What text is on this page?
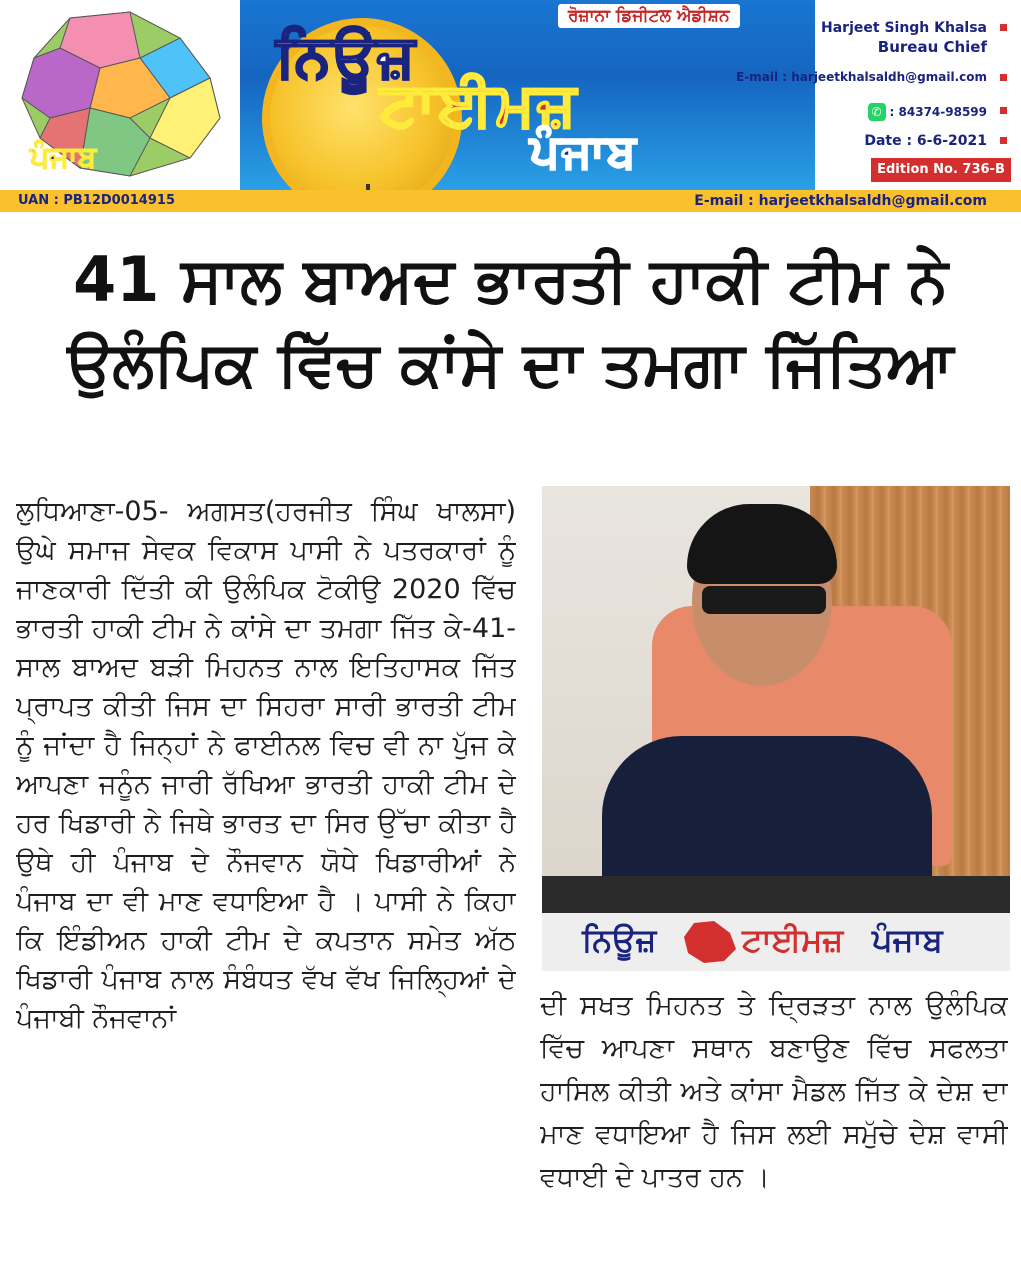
ਪੰਜਾਬ
ਰੋਜ਼ਾਨਾ ਡਿਜੀਟਲ ਐਡੀਸ਼ਨ
ਨਿਊਜ਼
ਟਾਈਮਜ਼
ਪੰਜਾਬ
Harjeet Singh Khalsa
Bureau Chief
E-mail : harjeetkhalsaldh@gmail.com
✆ : 84374-98599
Date : 6-6-2021
Edition No. 736-B
UAN : PB12D0014915	E-mail : harjeetkhalsaldh@gmail.com
41 ਸਾਲ ਬਾਅਦ ਭਾਰਤੀ ਹਾਕੀ ਟੀਮ ਨੇ
ਉਲੰਪਿਕ ਵਿੱਚ ਕਾਂਸੇ ਦਾ ਤਮਗਾ ਜਿੱਤਿਆ
ਲੁਧਿਆਣਾ-05- ਅਗਸਤ(ਹਰਜੀਤ ਸਿੰਘ ਖਾਲਸਾ) ਉਘੇ ਸਮਾਜ ਸੇਵਕ ਵਿਕਾਸ ਪਾਸੀ ਨੇ ਪਤਰਕਾਰਾਂ ਨੂੰ ਜਾਣਕਾਰੀ ਦਿੱਤੀ ਕੀ ਉਲੰਪਿਕ ਟੋਕੀਉ 2020 ਵਿੱਚ ਭਾਰਤੀ ਹਾਕੀ ਟੀਮ ਨੇ ਕਾਂਸੇ ਦਾ ਤਮਗਾ ਜਿੱਤ ਕੇ-41-ਸਾਲ ਬਾਅਦ ਬੜੀ ਮਿਹਨਤ ਨਾਲ ਇਤਿਹਾਸਕ ਜਿੱਤ ਪ੍ਰਾਪਤ ਕੀਤੀ ਜਿਸ ਦਾ ਸਿਹਰਾ ਸਾਰੀ ਭਾਰਤੀ ਟੀਮ ਨੂੰ ਜਾਂਦਾ ਹੈ ਜਿਨ੍ਹਾਂ ਨੇ ਫਾਈਨਲ ਵਿਚ ਵੀ ਨਾ ਪੁੱਜ ਕੇ ਆਪਣਾ ਜਨੂੰਨ ਜਾਰੀ ਰੱਖਿਆ ਭਾਰਤੀ ਹਾਕੀ ਟੀਮ ਦੇ ਹਰ ਖਿਡਾਰੀ ਨੇ ਜਿਥੇ ਭਾਰਤ ਦਾ ਸਿਰ ਉੱਚਾ ਕੀਤਾ ਹੈ ਉਥੇ ਹੀ ਪੰਜਾਬ ਦੇ ਨੌਜਵਾਨ ਯੋਧੇ ਖਿਡਾਰੀਆਂ ਨੇ ਪੰਜਾਬ ਦਾ ਵੀ ਮਾਣ ਵਧਾਇਆ ਹੈ । ਪਾਸੀ ਨੇ ਕਿਹਾ ਕਿ ਇੰਡੀਅਨ ਹਾਕੀ ਟੀਮ ਦੇ ਕਪਤਾਨ ਸਮੇਤ ਅੱਠ ਖਿਡਾਰੀ ਪੰਜਾਬ ਨਾਲ ਸੰਬੰਧਤ ਵੱਖ ਵੱਖ ਜਿਲ੍ਹਿਆਂ ਦੇ ਪੰਜਾਬੀ ਨੌਜਵਾਨਾਂ
ਨਿਊਜ਼	ਟਾਈਮਜ਼ ਪੰਜਾਬ
ਦੀ ਸਖਤ ਮਿਹਨਤ ਤੇ ਦ੍ਰਿੜਤਾ ਨਾਲ ਉਲੰਪਿਕ ਵਿੱਚ ਆਪਣਾ ਸਥਾਨ ਬਣਾਉਣ ਵਿੱਚ ਸਫਲਤਾ ਹਾਸਿਲ ਕੀਤੀ ਅਤੇ ਕਾਂਸਾ ਮੈਡਲ ਜਿੱਤ ਕੇ ਦੇਸ਼ ਦਾ ਮਾਣ ਵਧਾਇਆ ਹੈ ਜਿਸ ਲਈ ਸਮੁੱਚੇ ਦੇਸ਼ ਵਾਸੀ ਵਧਾਈ ਦੇ ਪਾਤਰ ਹਨ ।
